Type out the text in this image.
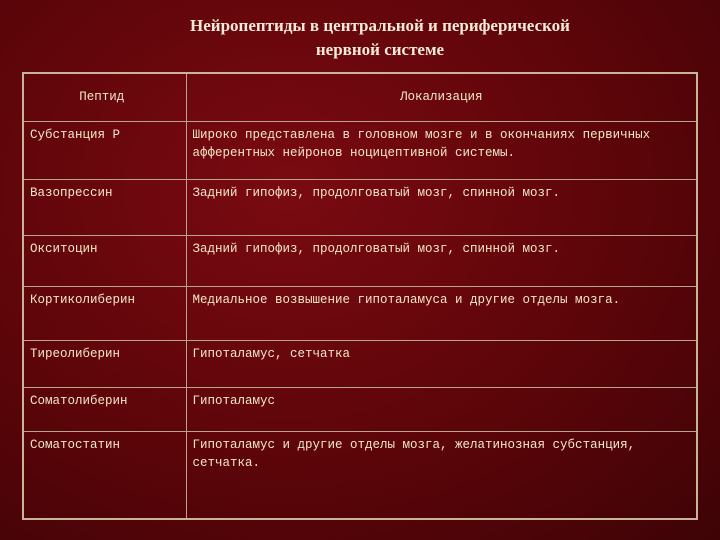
Нейропептиды в центральной и периферической
нервной системе
Пептид	Локализация
Субстанция Р	Широко представлена в головном мозге и в окончаниях первичных афферентных нейронов ноцицептивной системы.
Вазопрессин	Задний гипофиз, продолговатый мозг, спинной мозг.
Окситоцин	Задний гипофиз, продолговатый мозг, спинной мозг.
Кортиколиберин	Медиальное возвышение гипоталамуса и другие отделы мозга.
Тиреолиберин	Гипоталамус, сетчатка
Соматолиберин	Гипоталамус
Соматостатин	Гипоталамус и другие отделы мозга, желатинозная субстанция, сетчатка.
